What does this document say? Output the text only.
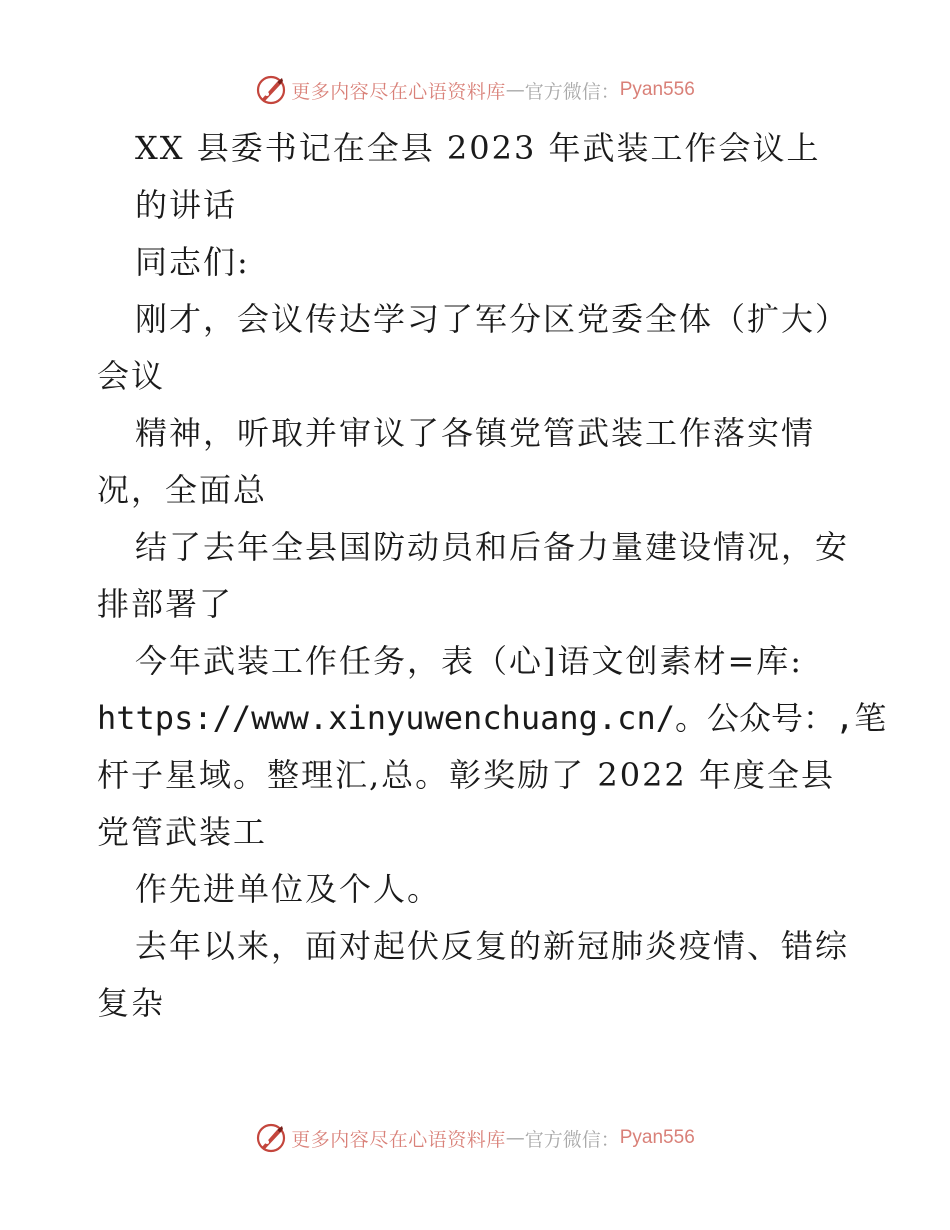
更多内容尽在心语资料库 — 官方微信： Pyan556
XX 县委书记在全县 2023 年武装工作会议上
的讲话
同志们:
刚才，会议传达学习了军分区党委全体（扩大）
会议
精神，听取并审议了各镇党管武装工作落实情
况，全面总
结了去年全县国防动员和后备力量建设情况，安
排部署了
今年武装工作任务，表（心]语文创素材=库:
https://www.xinyuwenchuang.cn/。公众号：,笔
杆子星域。整理汇,总。彰奖励了 2022 年度全县
党管武装工
作先进单位及个人。
去年以来，面对起伏反复的新冠肺炎疫情、错综
复杂
更多内容尽在心语资料库 — 官方微信： Pyan556
